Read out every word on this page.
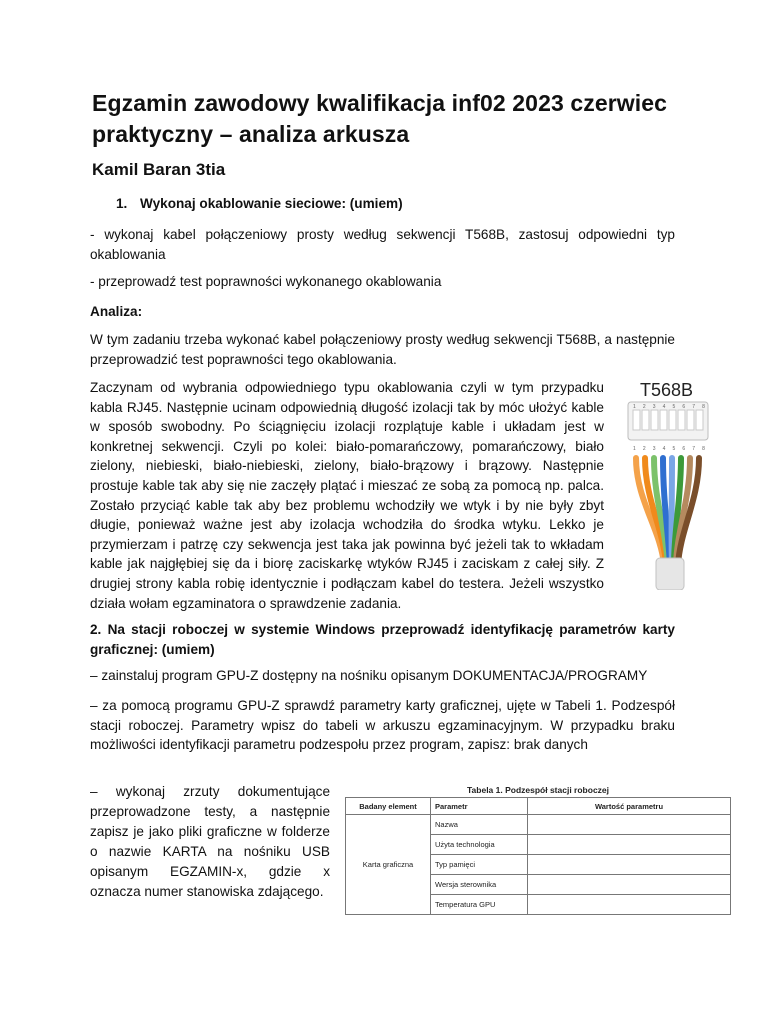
Egzamin zawodowy kwalifikacja inf02 2023 czerwiec
praktyczny – analiza arkusza
Kamil Baran 3tia

1. Wykonaj okablowanie sieciowe: (umiem)

- wykonaj kabel połączeniowy prosty według sekwencji T568B, zastosuj odpowiedni typ okablowania

- przeprowadź test poprawności wykonanego okablowania

Analiza:

W tym zadaniu trzeba wykonać kabel połączeniowy prosty według sekwencji T568B, a następnie przeprowadzić test poprawności tego okablowania.

Zaczynam od wybrania odpowiedniego typu okablowania czyli w tym przypadku kabla RJ45. Następnie ucinam odpowiednią długość izolacji tak by móc ułożyć kable w sposób swobodny. Po ściągnięciu izolacji rozplątuje kable i układam jest w konkretnej sekwencji. Czyli po kolei: biało-pomarańczowy, pomarańczowy, biało zielony, niebieski, biało-niebieski, zielony, biało-brązowy i brązowy. Następnie prostuje kable tak aby się nie zaczęły plątać i mieszać ze sobą za pomocą np. palca. Zostało przyciąć kable tak aby bez problemu wchodziły we wtyk i by nie były zbyt długie, ponieważ ważne jest aby izolacja wchodziła do środka wtyku. Lekko je przymierzam i patrzę czy sekwencja jest taka jak powinna być jeżeli tak to wkładam kable jak najgłębiej się da i biorę zaciskarkę wtyków RJ45 i zaciskam z całej siły. Z drugiej strony kabla robię identycznie i podłączam kabel do testera. Jeżeli wszystko działa wołam egzaminatora o sprawdzenie zadania.

T568B
1 2 3 4 5 6 7 8
1 2 3 4 5 6 7 8

2. Na stacji roboczej w systemie Windows przeprowadź identyfikację parametrów karty graficznej: (umiem)

– zainstaluj program GPU-Z dostępny na nośniku opisanym DOKUMENTACJA/PROGRAMY

– za pomocą programu GPU-Z sprawdź parametry karty graficznej, ujęte w Tabeli 1. Podzespół stacji roboczej. Parametry wpisz do tabeli w arkuszu egzaminacyjnym. W przypadku braku możliwości identyfikacji parametru podzespołu przez program, zapisz: brak danych

– wykonaj zrzuty dokumentujące przeprowadzone testy, a następnie zapisz je jako pliki graficzne w folderze o nazwie KARTA na nośniku USB opisanym EGZAMIN-x, gdzie x oznacza numer stanowiska zdającego.

Tabela 1. Podzespół stacji roboczej
Badany element	Parametr	Wartość parametru
Karta graficzna	Nazwa	
	Użyta technologia	
	Typ pamięci	
	Wersja sterownika	
	Temperatura GPU	
